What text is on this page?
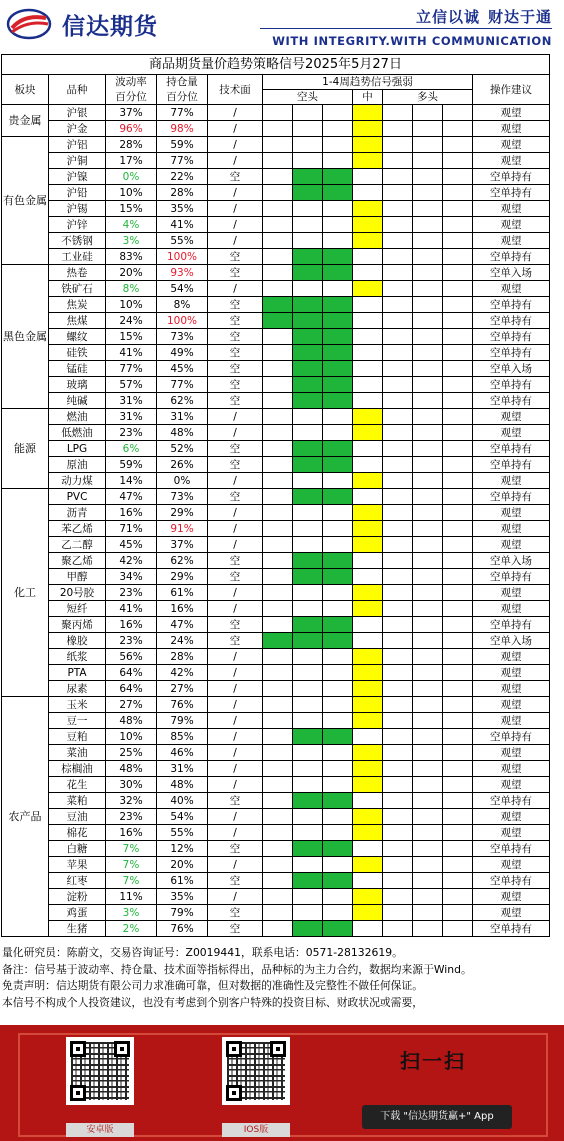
信达期货	立信以诚 财达于通
WITH INTEGRITY.WITH COMMUNICATION
商品期货量价趋势策略信号2025年5月27日												
板块	品种	波动率	持仓量	技术面	1-4周趋势信号强弱							操作建议
		百分位	百分位		空头			中	多头			
贵金属	沪银	37%	77%	/								观望
	沪金	96%	98%	/								观望
有色金属	沪铝	28%	59%	/								观望
	沪铜	17%	77%	/								观望
	沪镍	0%	22%	空								空单持有
	沪铅	10%	28%	/								空单持有
	沪锡	15%	35%	/								观望
	沪锌	4%	41%	/								观望
	不锈钢	3%	55%	/								观望
	工业硅	83%	100%	空								空单持有
黑色金属	热卷	20%	93%	空								空单入场
	铁矿石	8%	54%	/								观望
	焦炭	10%	8%	空								空单持有
	焦煤	24%	100%	空								空单持有
	螺纹	15%	73%	空								空单持有
	硅铁	41%	49%	空								空单持有
	锰硅	77%	45%	空								空单入场
	玻璃	57%	77%	空								空单持有
	纯碱	31%	62%	空								空单持有
能源	燃油	31%	31%	/								观望
	低燃油	23%	48%	/								观望
	LPG	6%	52%	空								空单持有
	原油	59%	26%	空								空单持有
	动力煤	14%	0%	/								观望
化工	PVC	47%	73%	空								空单持有
	沥青	16%	29%	/								观望
	苯乙烯	71%	91%	/								观望
	乙二醇	45%	37%	/								观望
	聚乙烯	42%	62%	空								空单入场
	甲醇	34%	29%	空								空单持有
	20号胶	23%	61%	/								观望
	短纤	41%	16%	/								观望
	聚丙烯	16%	47%	空								空单持有
	橡胶	23%	24%	空								空单入场
	纸浆	56%	28%	/								观望
	PTA	64%	42%	/								观望
	尿素	64%	27%	/								观望
农产品	玉米	27%	76%	/								观望
	豆一	48%	79%	/								观望
	豆粕	10%	85%	/								空单持有
	菜油	25%	46%	/								观望
	棕榈油	48%	31%	/								观望
	花生	30%	48%	/								观望
	菜粕	32%	40%	空								空单持有
	豆油	23%	54%	/								观望
	棉花	16%	55%	/								观望
	白糖	7%	12%	空								空单持有
	苹果	7%	20%	/								观望
	红枣	7%	61%	空								空单持有
	淀粉	11%	35%	/								观望
	鸡蛋	3%	79%	空								观望
	生猪	2%	76%	空								空单持有
量化研究员：陈蔚文，交易咨询证号：Z0019441，联系电话：0571-28132619。
备注：信号基于波动率、持仓量、技术面等指标得出，品种标的为主力合约，数据均来源于Wind。
免责声明：信达期货有限公司力求准确可靠，但对数据的准确性及完整性不做任何保证。
本信号不构成个人投资建议，也没有考虑到个别客户特殊的投资目标、财政状况或需要，
安卓版	IOS版
扫一扫
下载 "信达期货赢+" App
